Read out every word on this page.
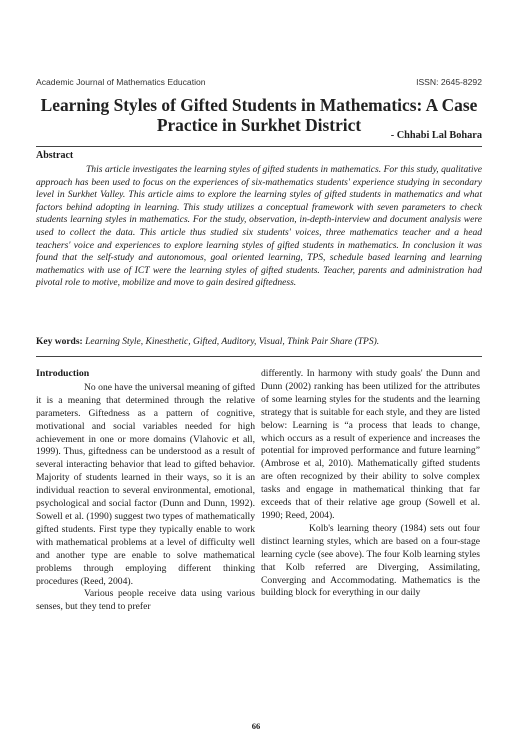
Academic Journal of Mathematics Education	ISSN: 2645-8292
Learning Styles of Gifted Students in Mathematics: A Case Practice in Surkhet District
- Chhabi Lal Bohara
Abstract
This article investigates the learning styles of gifted students in mathematics. For this study, qualitative approach has been used to focus on the experiences of six-mathematics students' experience studying in secondary level in Surkhet Valley. This article aims to explore the learning styles of gifted students in mathematics and what factors behind adopting in learning. This study utilizes a conceptual framework with seven parameters to check students learning styles in mathematics. For the study, observation, in-depth-interview and document analysis were used to collect the data. This article thus studied six students' voices, three mathematics teacher and a head teachers' voice and experiences to explore learning styles of gifted students in mathematics. In conclusion it was found that the self-study and autonomous, goal oriented learning, TPS, schedule based learning and learning mathematics with use of ICT were the learning styles of gifted students. Teacher, parents and administration had pivotal role to motive, mobilize and move to gain desired giftedness.
Key words: Learning Style, Kinesthetic, Gifted, Auditory, Visual, Think Pair Share (TPS).
Introduction

No one have the universal meaning of gifted it is a meaning that determined through the relative parameters. Giftedness as a pattern of cognitive, motivational and social variables needed for high achievement in one or more domains (Vlahovic et all, 1999). Thus, giftedness can be understood as a result of several interacting behavior that lead to gifted behavior. Majority of students learned in their ways, so it is an individual reaction to several environmental, emotional, psychological and social factor (Dunn and Dunn, 1992). Sowell et al. (1990) suggest two types of mathematically gifted students. First type they typically enable to work with mathematical problems at a level of difficulty well and another type are enable to solve mathematical problems through employing different thinking procedures (Reed, 2004).

Various people receive data using various senses, but they tend to prefer

differently. In harmony with study goals' the Dunn and Dunn (2002) ranking has been utilized for the attributes of some learning styles for the students and the learning strategy that is suitable for each style, and they are listed below: Learning is “a process that leads to change, which occurs as a result of experience and increases the potential for improved performance and future learning” (Ambrose et al, 2010). Mathematically gifted students are often recognized by their ability to solve complex tasks and engage in mathematical thinking that far exceeds that of their relative age group (Sowell et al. 1990; Reed, 2004).

Kolb's learning theory (1984) sets out four distinct learning styles, which are based on a four-stage learning cycle (see above). The four Kolb learning styles that Kolb referred are Diverging, Assimilating, Converging and Accommodating. Mathematics is the building block for everything in our daily

66
